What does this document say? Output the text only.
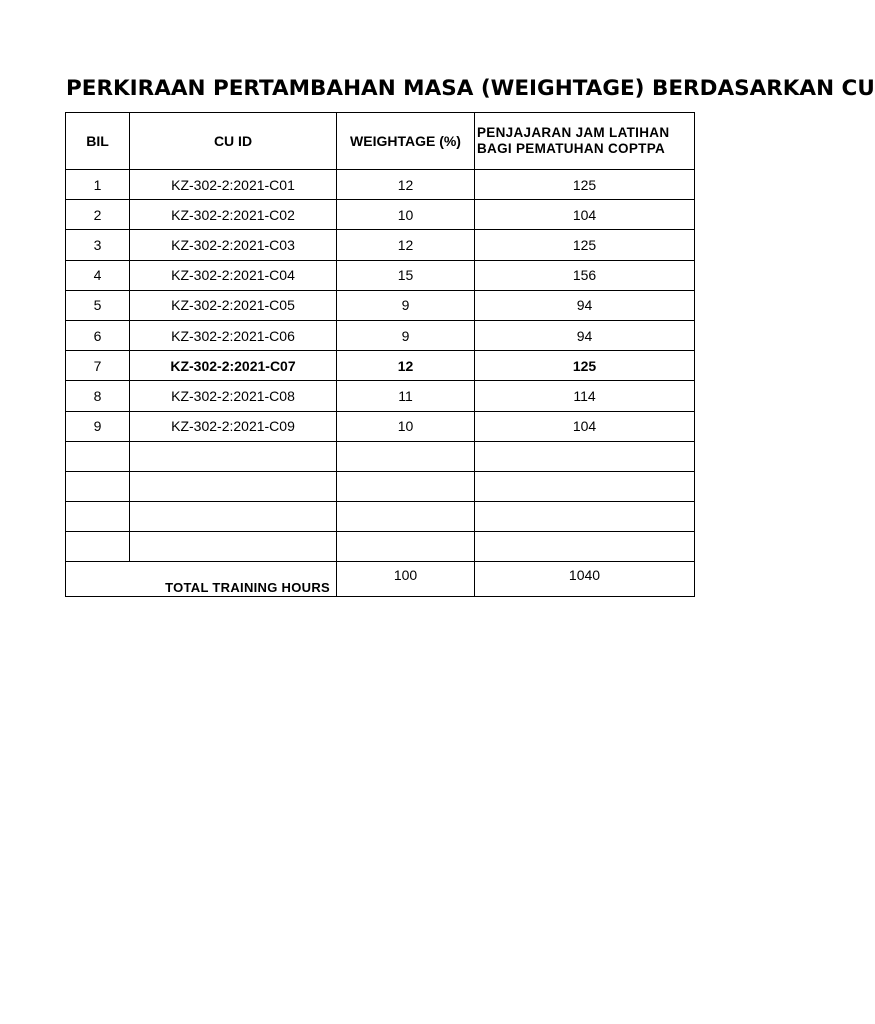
PERKIRAAN PERTAMBAHAN MASA (WEIGHTAGE) BERDASARKAN CU
BIL	CU ID	WEIGHTAGE (%)	PENJAJARAN JAM LATIHAN BAGI PEMATUHAN COPTPA
1	KZ-302-2:2021-C01	12	125
2	KZ-302-2:2021-C02	10	104
3	KZ-302-2:2021-C03	12	125
4	KZ-302-2:2021-C04	15	156
5	KZ-302-2:2021-C05	9	94
6	KZ-302-2:2021-C06	9	94
7	KZ-302-2:2021-C07	12	125
8	KZ-302-2:2021-C08	11	114
9	KZ-302-2:2021-C09	10	104

TOTAL TRAINING HOURS		100	1040
